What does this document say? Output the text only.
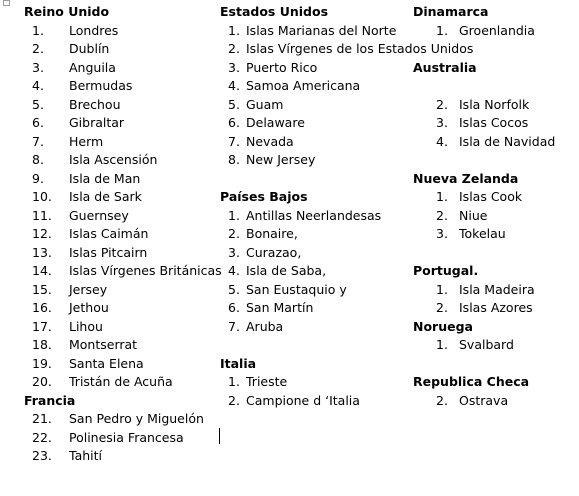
Reino Unido
1. Londres
2. Dublín
3. Anguila
4. Bermudas
5. Brechou
6. Gibraltar
7. Herm
8. Isla Ascensión
9. Isla de Man
10. Isla de Sark
11. Guernsey
12. Islas Caimán
13. Islas Pitcairn
14. Islas Vírgenes Británicas
15. Jersey
16. Jethou
17. Lihou
18. Montserrat
19. Santa Elena
20. Tristán de Acuña
Francia
21. San Pedro y Miguelón
22. Polinesia Francesa
23. Tahití
Estados Unidos
1. Islas Marianas del Norte
2. Islas Vírgenes de los Estados Unidos
3. Puerto Rico
4. Samoa Americana
5. Guam
6. Delaware
7. Nevada
8. New Jersey
Países Bajos
1. Antillas Neerlandesas
2. Bonaire,
3. Curazao,
4. Isla de Saba,
5. San Eustaquio y
6. San Martín
7. Aruba
Italia
1. Trieste
2. Campione d ‘Italia
Dinamarca
1. Groenlandia
Australia
2. Isla Norfolk
3. Islas Cocos
4. Isla de Navidad
Nueva Zelanda
1. Islas Cook
2. Niue
3. Tokelau
Portugal.
1. Isla Madeira
2. Islas Azores
Noruega
1. Svalbard
Republica Checa
2. Ostrava
